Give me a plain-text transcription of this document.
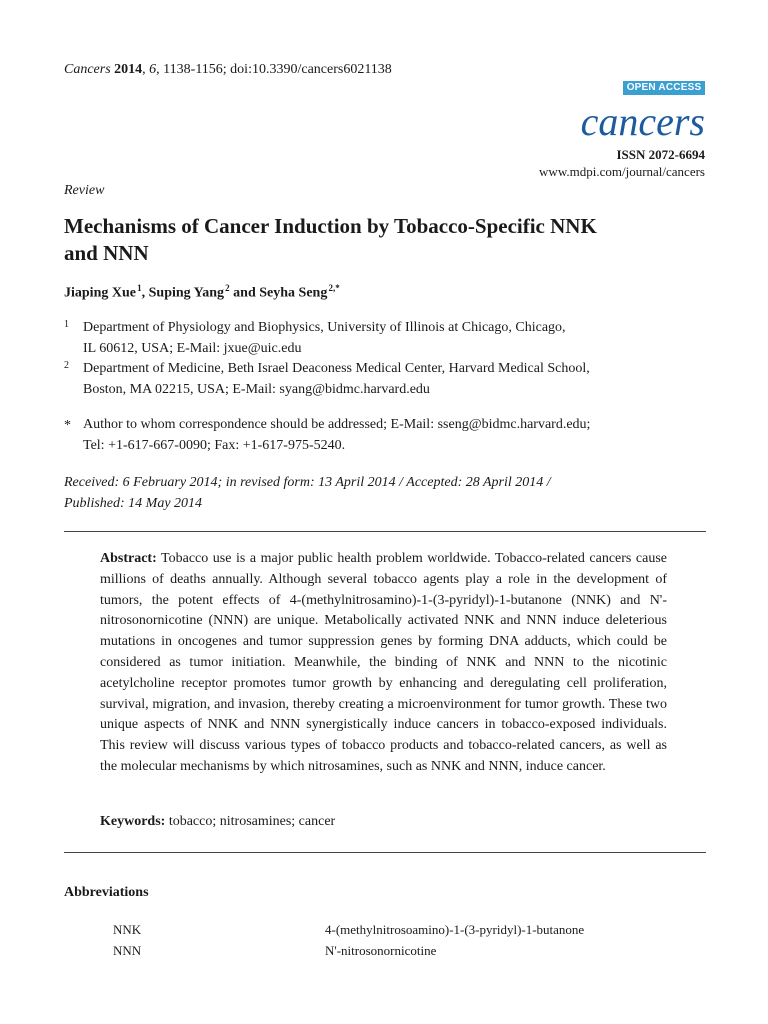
Cancers 2014, 6, 1138-1156; doi:10.3390/cancers6021138
OPEN ACCESS
cancers
ISSN 2072-6694
www.mdpi.com/journal/cancers
Review
Mechanisms of Cancer Induction by Tobacco-Specific NNK and NNN
Jiaping Xue $^1$, Suping Yang $^2$ and Seyha Seng $^{2,*}$
1 Department of Physiology and Biophysics, University of Illinois at Chicago, Chicago,
IL 60612, USA; E-Mail: jxue@uic.edu
2 Department of Medicine, Beth Israel Deaconess Medical Center, Harvard Medical School,
Boston, MA 02215, USA; E-Mail: syang@bidmc.harvard.edu
* Author to whom correspondence should be addressed; E-Mail: sseng@bidmc.harvard.edu;
Tel: +1-617-667-0090; Fax: +1-617-975-5240.
Received: 6 February 2014; in revised form: 13 April 2014 / Accepted: 28 April 2014 /
Published: 14 May 2014
Abstract: Tobacco use is a major public health problem worldwide. Tobacco-related cancers cause millions of deaths annually. Although several tobacco agents play a role in the development of tumors, the potent effects of 4-(methylnitrosamino)-1-(3-pyridyl)-1-butanone (NNK) and N'-nitrosonornicotine (NNN) are unique. Metabolically activated NNK and NNN induce deleterious mutations in oncogenes and tumor suppression genes by forming DNA adducts, which could be considered as tumor initiation. Meanwhile, the binding of NNK and NNN to the nicotinic acetylcholine receptor promotes tumor growth by enhancing and deregulating cell proliferation, survival, migration, and invasion, thereby creating a microenvironment for tumor growth. These two unique aspects of NNK and NNN synergistically induce cancers in tobacco-exposed individuals. This review will discuss various types of tobacco products and tobacco-related cancers, as well as the molecular mechanisms by which nitrosamines, such as NNK and NNN, induce cancer.
Keywords: tobacco; nitrosamines; cancer
Abbreviations
NNK	4-(methylnitrosoamino)-1-(3-pyridyl)-1-butanone
NNN	N'-nitrosonornicotine
